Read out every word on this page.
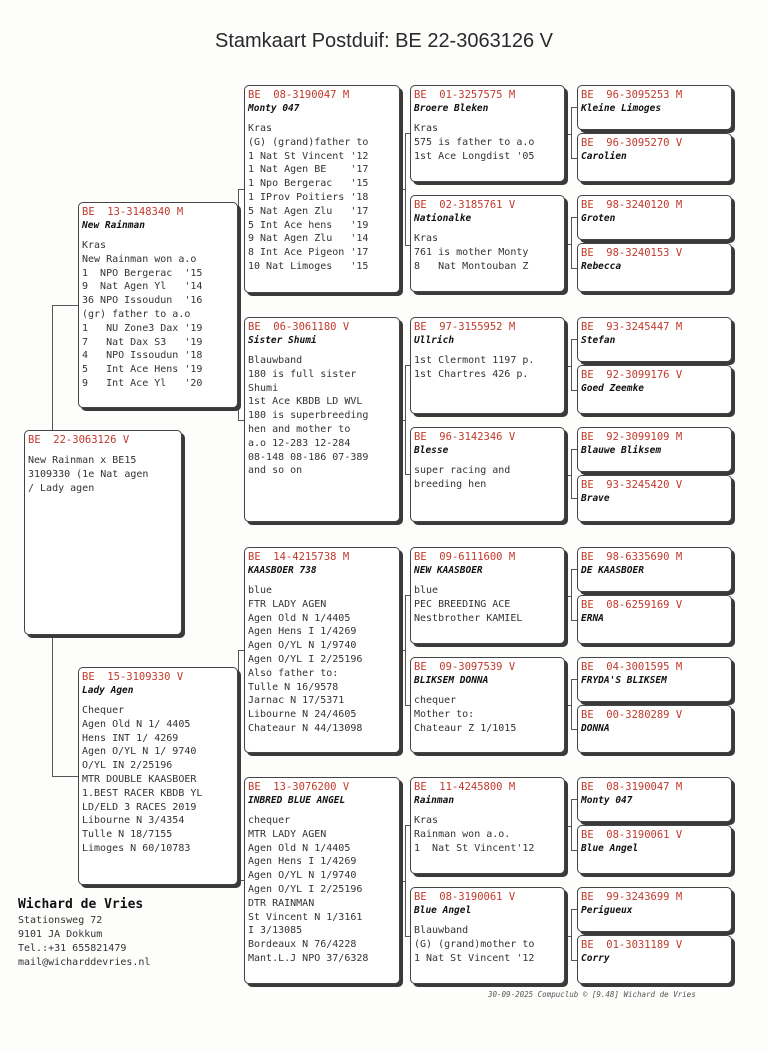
Stamkaart Postduif: BE 22-3063126 V
BE  22-3063126 V
New Rainman x BE15
3109330 (1e Nat agen
/ Lady agen
BE  13-3148340 M
New Rainman
Kras
New Rainman won a.o
1  NPO Bergerac  '15
9  Nat Agen Yl   '14
36 NPO Issoudun  '16
(gr) father to a.o
1   NU Zone3 Dax '19
7   Nat Dax S3   '19
4   NPO Issoudun '18
5   Int Ace Hens '19
9   Int Ace Yl   '20
BE  15-3109330 V
Lady Agen
Chequer
Agen Old N 1/ 4405
Hens INT 1/ 4269
Agen O/YL N 1/ 9740
O/YL IN 2/25196
MTR DOUBLE KAASBOER
1.BEST RACER KBDB YL
LD/ELD 3 RACES 2019
Libourne N 3/4354
Tulle N 18/7155
Limoges N 60/10783
BE  08-3190047 M
Monty 047
Kras
(G) (grand)father to
1 Nat St Vincent '12
1 Nat Agen BE    '17
1 Npo Bergerac   '15
1 IProv Poitiers '18
5 Nat Agen Zlu   '17
5 Int Ace hens   '19
9 Nat Agen Zlu   '14
8 Int Ace Pigeon '17
10 Nat Limoges   '15
BE  06-3061180 V
Sister Shumi
Blauwband
180 is full sister
Shumi
1st Ace KBDB LD WVL
180 is superbreeding
hen and mother to
a.o 12-283 12-284
08-148 08-186 07-389
and so on
BE  14-4215738 M
KAASBOER 738
blue
FTR LADY AGEN
Agen Old N 1/4405
Agen Hens I 1/4269
Agen O/YL N 1/9740
Agen O/YL I 2/25196
Also father to:
Tulle N 16/9578
Jarnac N 17/5371
Libourne N 24/4605
Chateaur N 44/13098
BE  13-3076200 V
INBRED BLUE ANGEL
chequer
MTR LADY AGEN
Agen Old N 1/4405
Agen Hens I 1/4269
Agen O/YL N 1/9740
Agen O/YL I 2/25196
DTR RAINMAN
St Vincent N 1/3161
I 3/13085
Bordeaux N 76/4228
Mant.L.J NPO 37/6328
BE  01-3257575 M
Broere Bleken
Kras
575 is father to a.o
1st Ace Longdist '05
BE  02-3185761 V
Nationalke
Kras
761 is mother Monty
8   Nat Montouban Z
BE  97-3155952 M
Ullrich
1st Clermont 1197 p.
1st Chartres 426 p.
BE  96-3142346 V
Blesse
super racing and
breeding hen
BE  09-6111600 M
NEW KAASBOER
blue
PEC BREEDING ACE
Nestbrother KAMIEL
BE  09-3097539 V
BLIKSEM DONNA
chequer
Mother to:
Chateaur Z 1/1015
BE  11-4245800 M
Rainman
Kras
Rainman won a.o.
1  Nat St Vincent'12
BE  08-3190061 V
Blue Angel
Blauwband
(G) (grand)mother to
1 Nat St Vincent '12
BE  96-3095253 M
Kleine Limoges
BE  96-3095270 V
Carolien
BE  98-3240120 M
Groten
BE  98-3240153 V
Rebecca
BE  93-3245447 M
Stefan
BE  92-3099176 V
Goed Zeemke
BE  92-3099109 M
Blauwe Bliksem
BE  93-3245420 V
Brave
BE  98-6335690 M
DE KAASBOER
BE  08-6259169 V
ERNA
BE  04-3001595 M
FRYDA'S BLIKSEM
BE  00-3280289 V
DONNA
BE  08-3190047 M
Monty 047
BE  08-3190061 V
Blue Angel
BE  99-3243699 M
Perigueux
BE  01-3031189 V
Corry
Wichard de Vries
Stationsweg 72
9101 JA Dokkum
Tel.:+31 655821479
mail@wicharddevries.nl
30-09-2025 Compuclub © [9.48] Wichard de Vries
